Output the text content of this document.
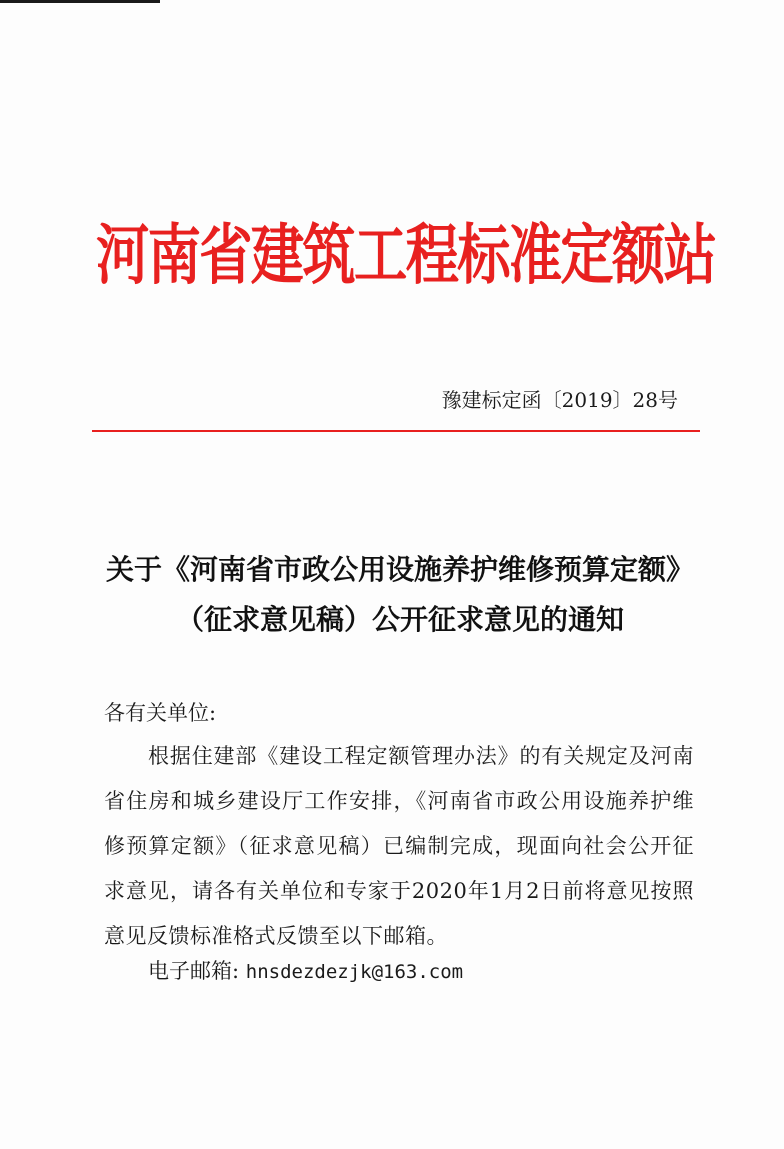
河南省建筑工程标准定额站
豫建标定函〔2019〕28号
关于《河南省市政公用设施养护维修预算定额》（征求意见稿）公开征求意见的通知
各有关单位:
根据住建部《建设工程定额管理办法》的有关规定及河南省住房和城乡建设厅工作安排，《河南省市政公用设施养护维修预算定额》（征求意见稿）已编制完成，现面向社会公开征求意见，请各有关单位和专家于2020年1月2日前将意见按照意见反馈标准格式反馈至以下邮箱。
电子邮箱: hnsdezdezjk@163.com
